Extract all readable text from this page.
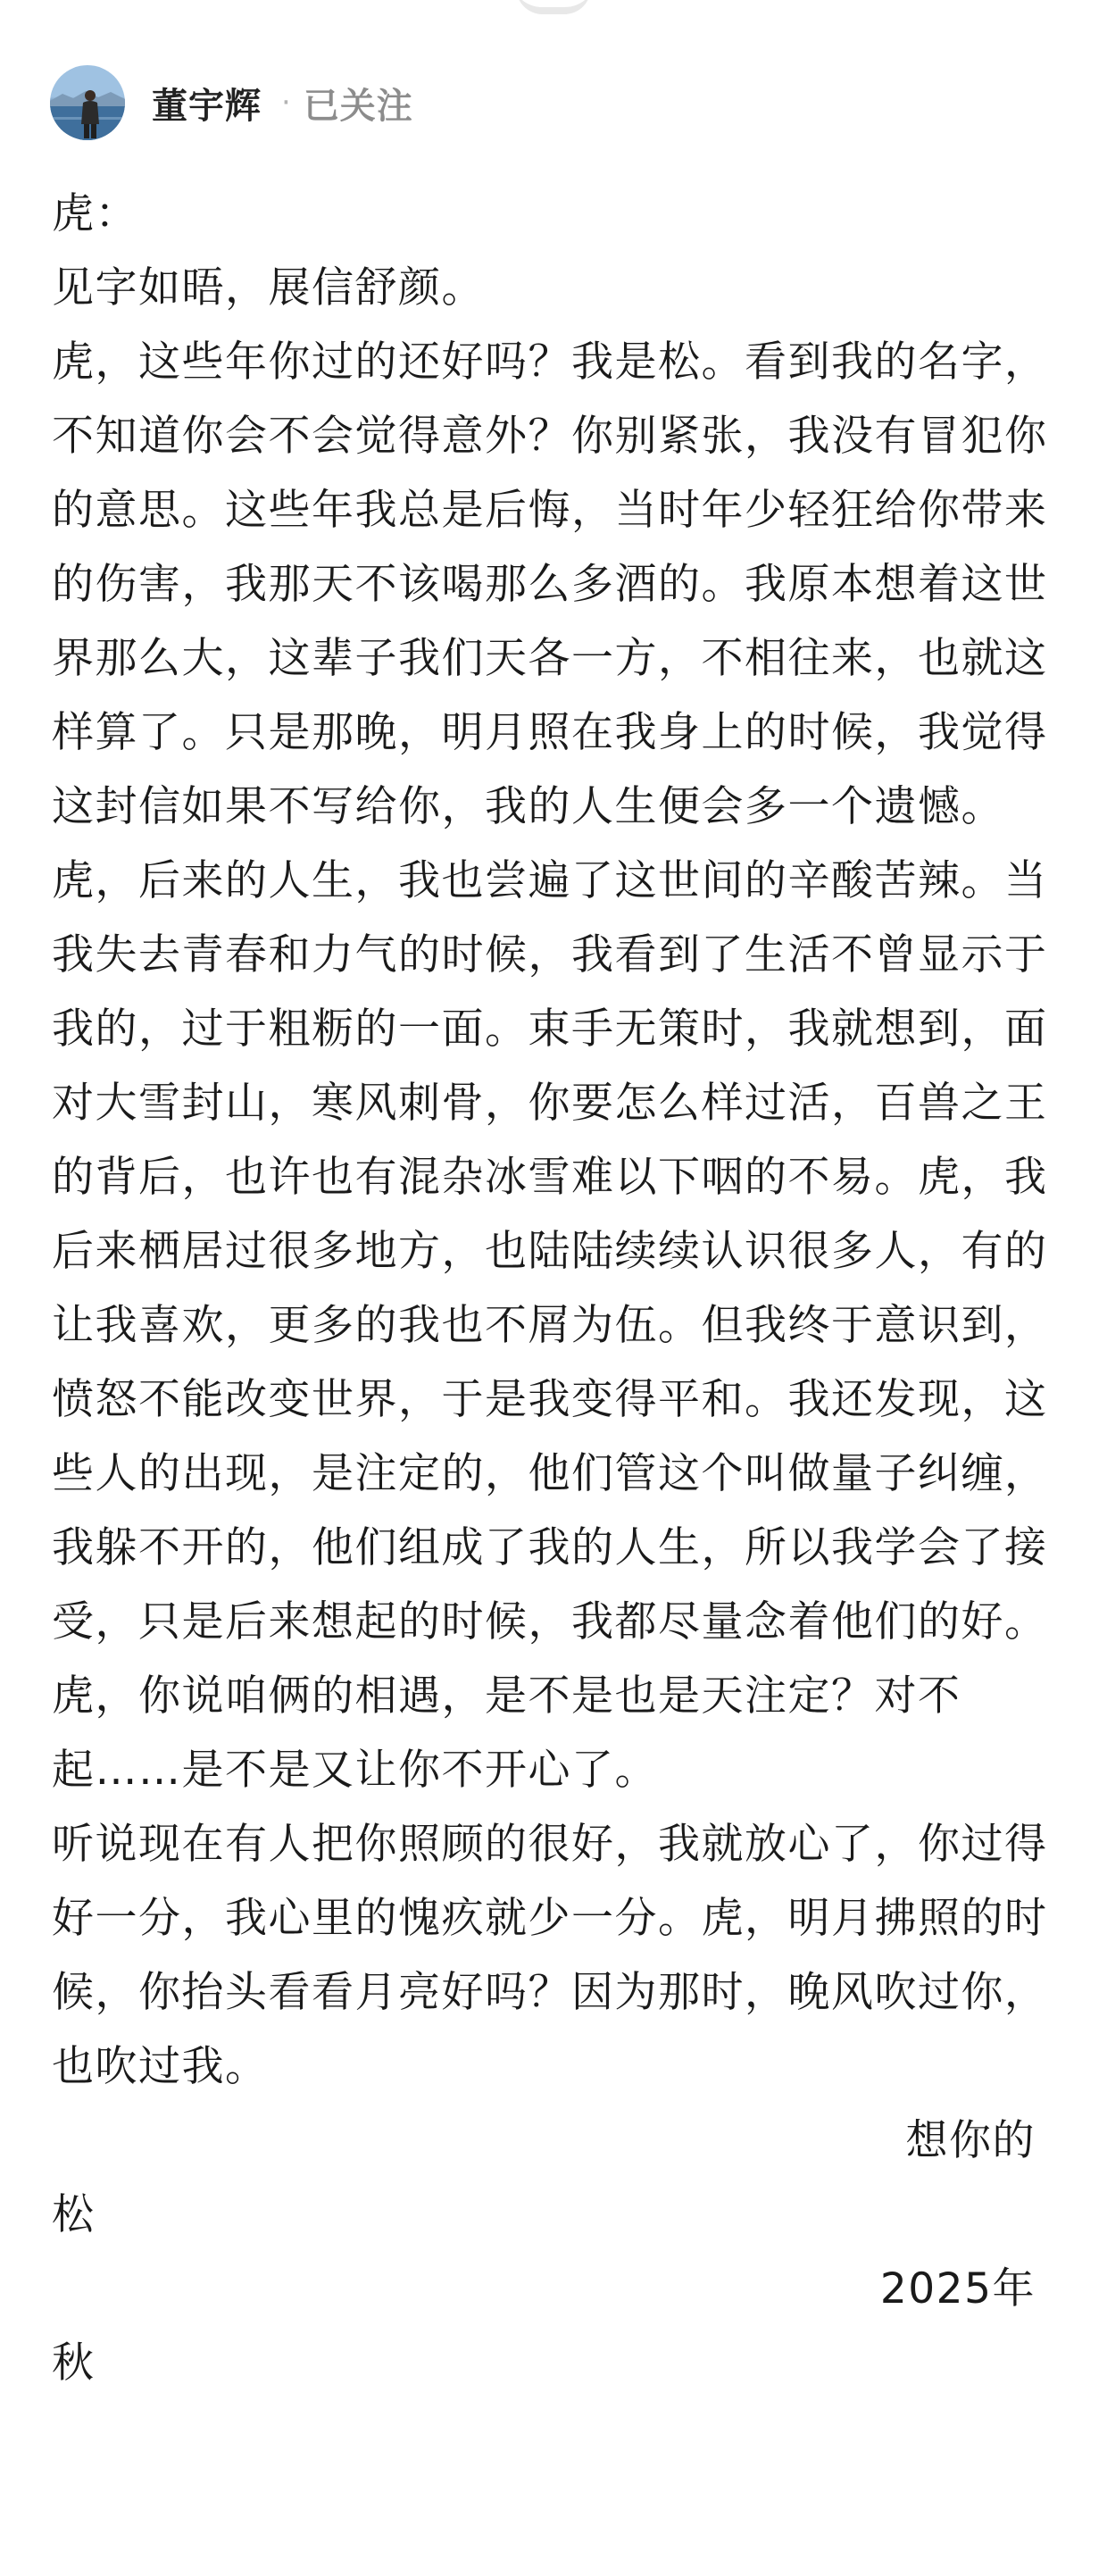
董宇辉 · 已关注

虎：

见字如晤，展信舒颜。

虎，这些年你过的还好吗？我是松。看到我的名字，不知道你会不会觉得意外？你别紧张，我没有冒犯你的意思。这些年我总是后悔，当时年少轻狂给你带来的伤害，我那天不该喝那么多酒的。我原本想着这世界那么大，这辈子我们天各一方，不相往来，也就这样算了。只是那晚，明月照在我身上的时候，我觉得这封信如果不写给你，我的人生便会多一个遗憾。

虎，后来的人生，我也尝遍了这世间的辛酸苦辣。当我失去青春和力气的时候，我看到了生活不曾显示于我的，过于粗粝的一面。束手无策时，我就想到，面对大雪封山，寒风刺骨，你要怎么样过活，百兽之王的背后，也许也有混杂冰雪难以下咽的不易。虎，我后来栖居过很多地方，也陆陆续续认识很多人，有的让我喜欢，更多的我也不屑为伍。但我终于意识到，愤怒不能改变世界，于是我变得平和。我还发现，这些人的出现，是注定的，他们管这个叫做量子纠缠，我躲不开的，他们组成了我的人生，所以我学会了接受，只是后来想起的时候，我都尽量念着他们的好。虎，你说咱俩的相遇，是不是也是天注定？对不起……是不是又让你不开心了。

听说现在有人把你照顾的很好，我就放心了，你过得好一分，我心里的愧疚就少一分。虎，明月拂照的时候，你抬头看看月亮好吗？因为那时，晚风吹过你，也吹过我。

想你的

松

2025年

秋
